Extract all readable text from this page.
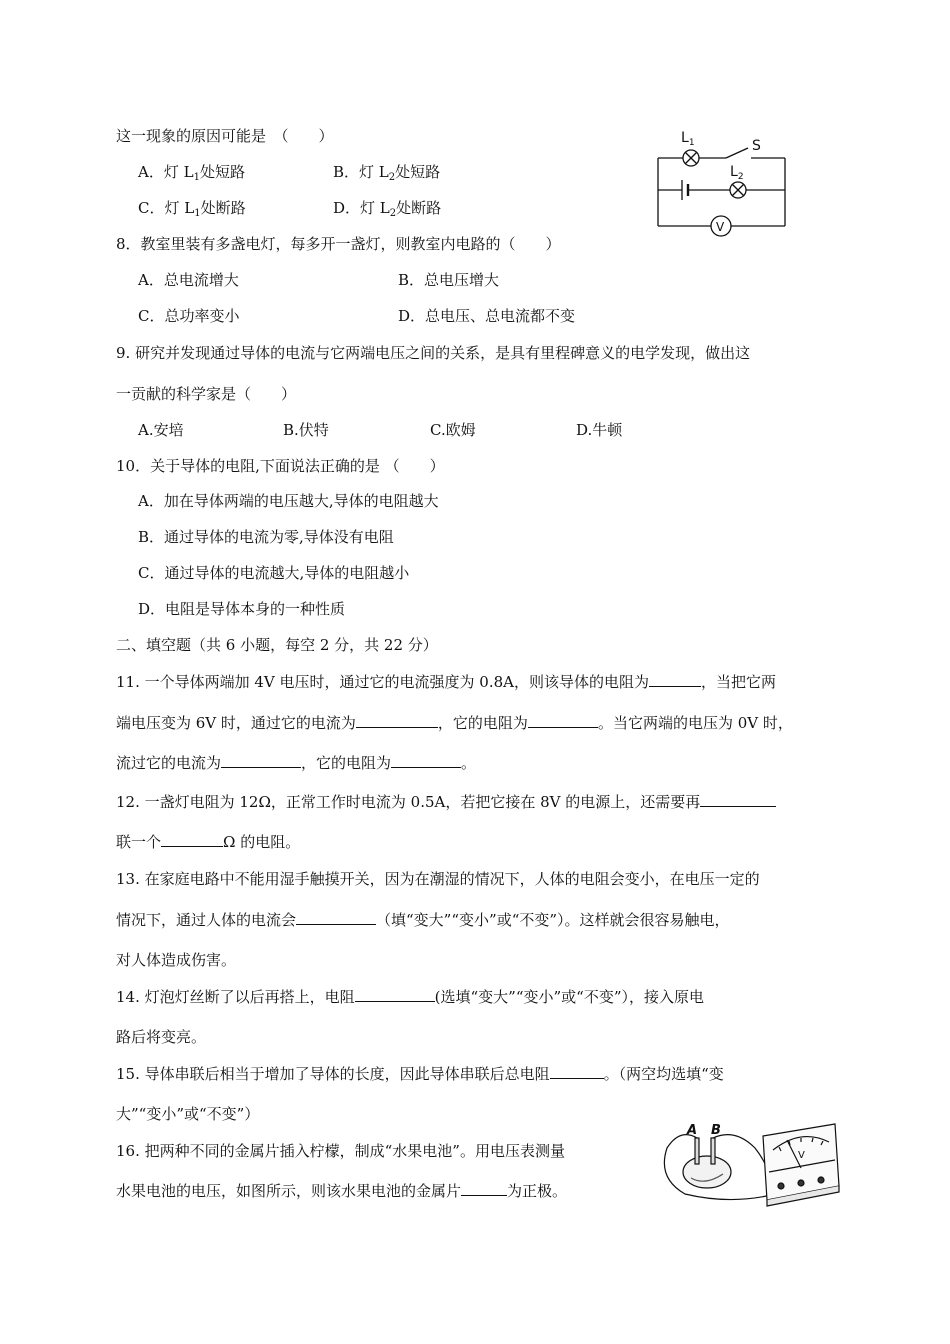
这一现象的原因可能是　（　　）
A．灯 $L_1$处短路	B．灯 $L_2$处短路
C．灯 $L_1$处断路	D．灯 $L_2$处断路
$L_1$	S
$L_2$
V
8．教室里装有多盏电灯，每多开一盏灯，则教室内电路的（　　）
A．总电流增大	B．总电压增大
C．总功率变小	D．总电压、总电流都不变
9. 研究并发现通过导体的电流与它两端电压之间的关系，是具有里程碑意义的电学发现，做出这
一贡献的科学家是（　　）
A.安培	B.伏特	C.欧姆	D.牛顿
10．关于导体的电阻,下面说法正确的是 （　　）
A．加在导体两端的电压越大,导体的电阻越大
B．通过导体的电流为零,导体没有电阻
C．通过导体的电流越大,导体的电阻越小
D．电阻是导体本身的一种性质
二、填空题（共 6 小题，每空 2 分，共 22 分）
11. 一个导体两端加 4V 电压时，通过它的电流强度为 0.8A，则该导体的电阻为	，当把它两
端电压变为 6V 时，通过它的电流为	，它的电阻为	。当它两端的电压为 0V 时，
流过它的电流为	，它的电阻为	。
12. 一盏灯电阻为 12Ω，正常工作时电流为 0.5A，若把它接在 8V 的电源上，还需要再
联一个	Ω 的电阻。
13. 在家庭电路中不能用湿手触摸开关，因为在潮湿的情况下，人体的电阻会变小，在电压一定的
情况下，通过人体的电流会	（填“变大”“变小”或“不变”）。这样就会很容易触电，
对人体造成伤害。
14. 灯泡灯丝断了以后再搭上，电阻	(选填“变大”“变小”或“不变”），接入原电
路后将变亮。
15. 导体串联后相当于增加了导体的长度，因此导体串联后总电阻	。（两空均选填“变
大”“变小”或“不变”）
16. 把两种不同的金属片插入柠檬，制成“水果电池”。用电压表测量
水果电池的电压，如图所示，则该水果电池的金属片	为正极。
A B
V
